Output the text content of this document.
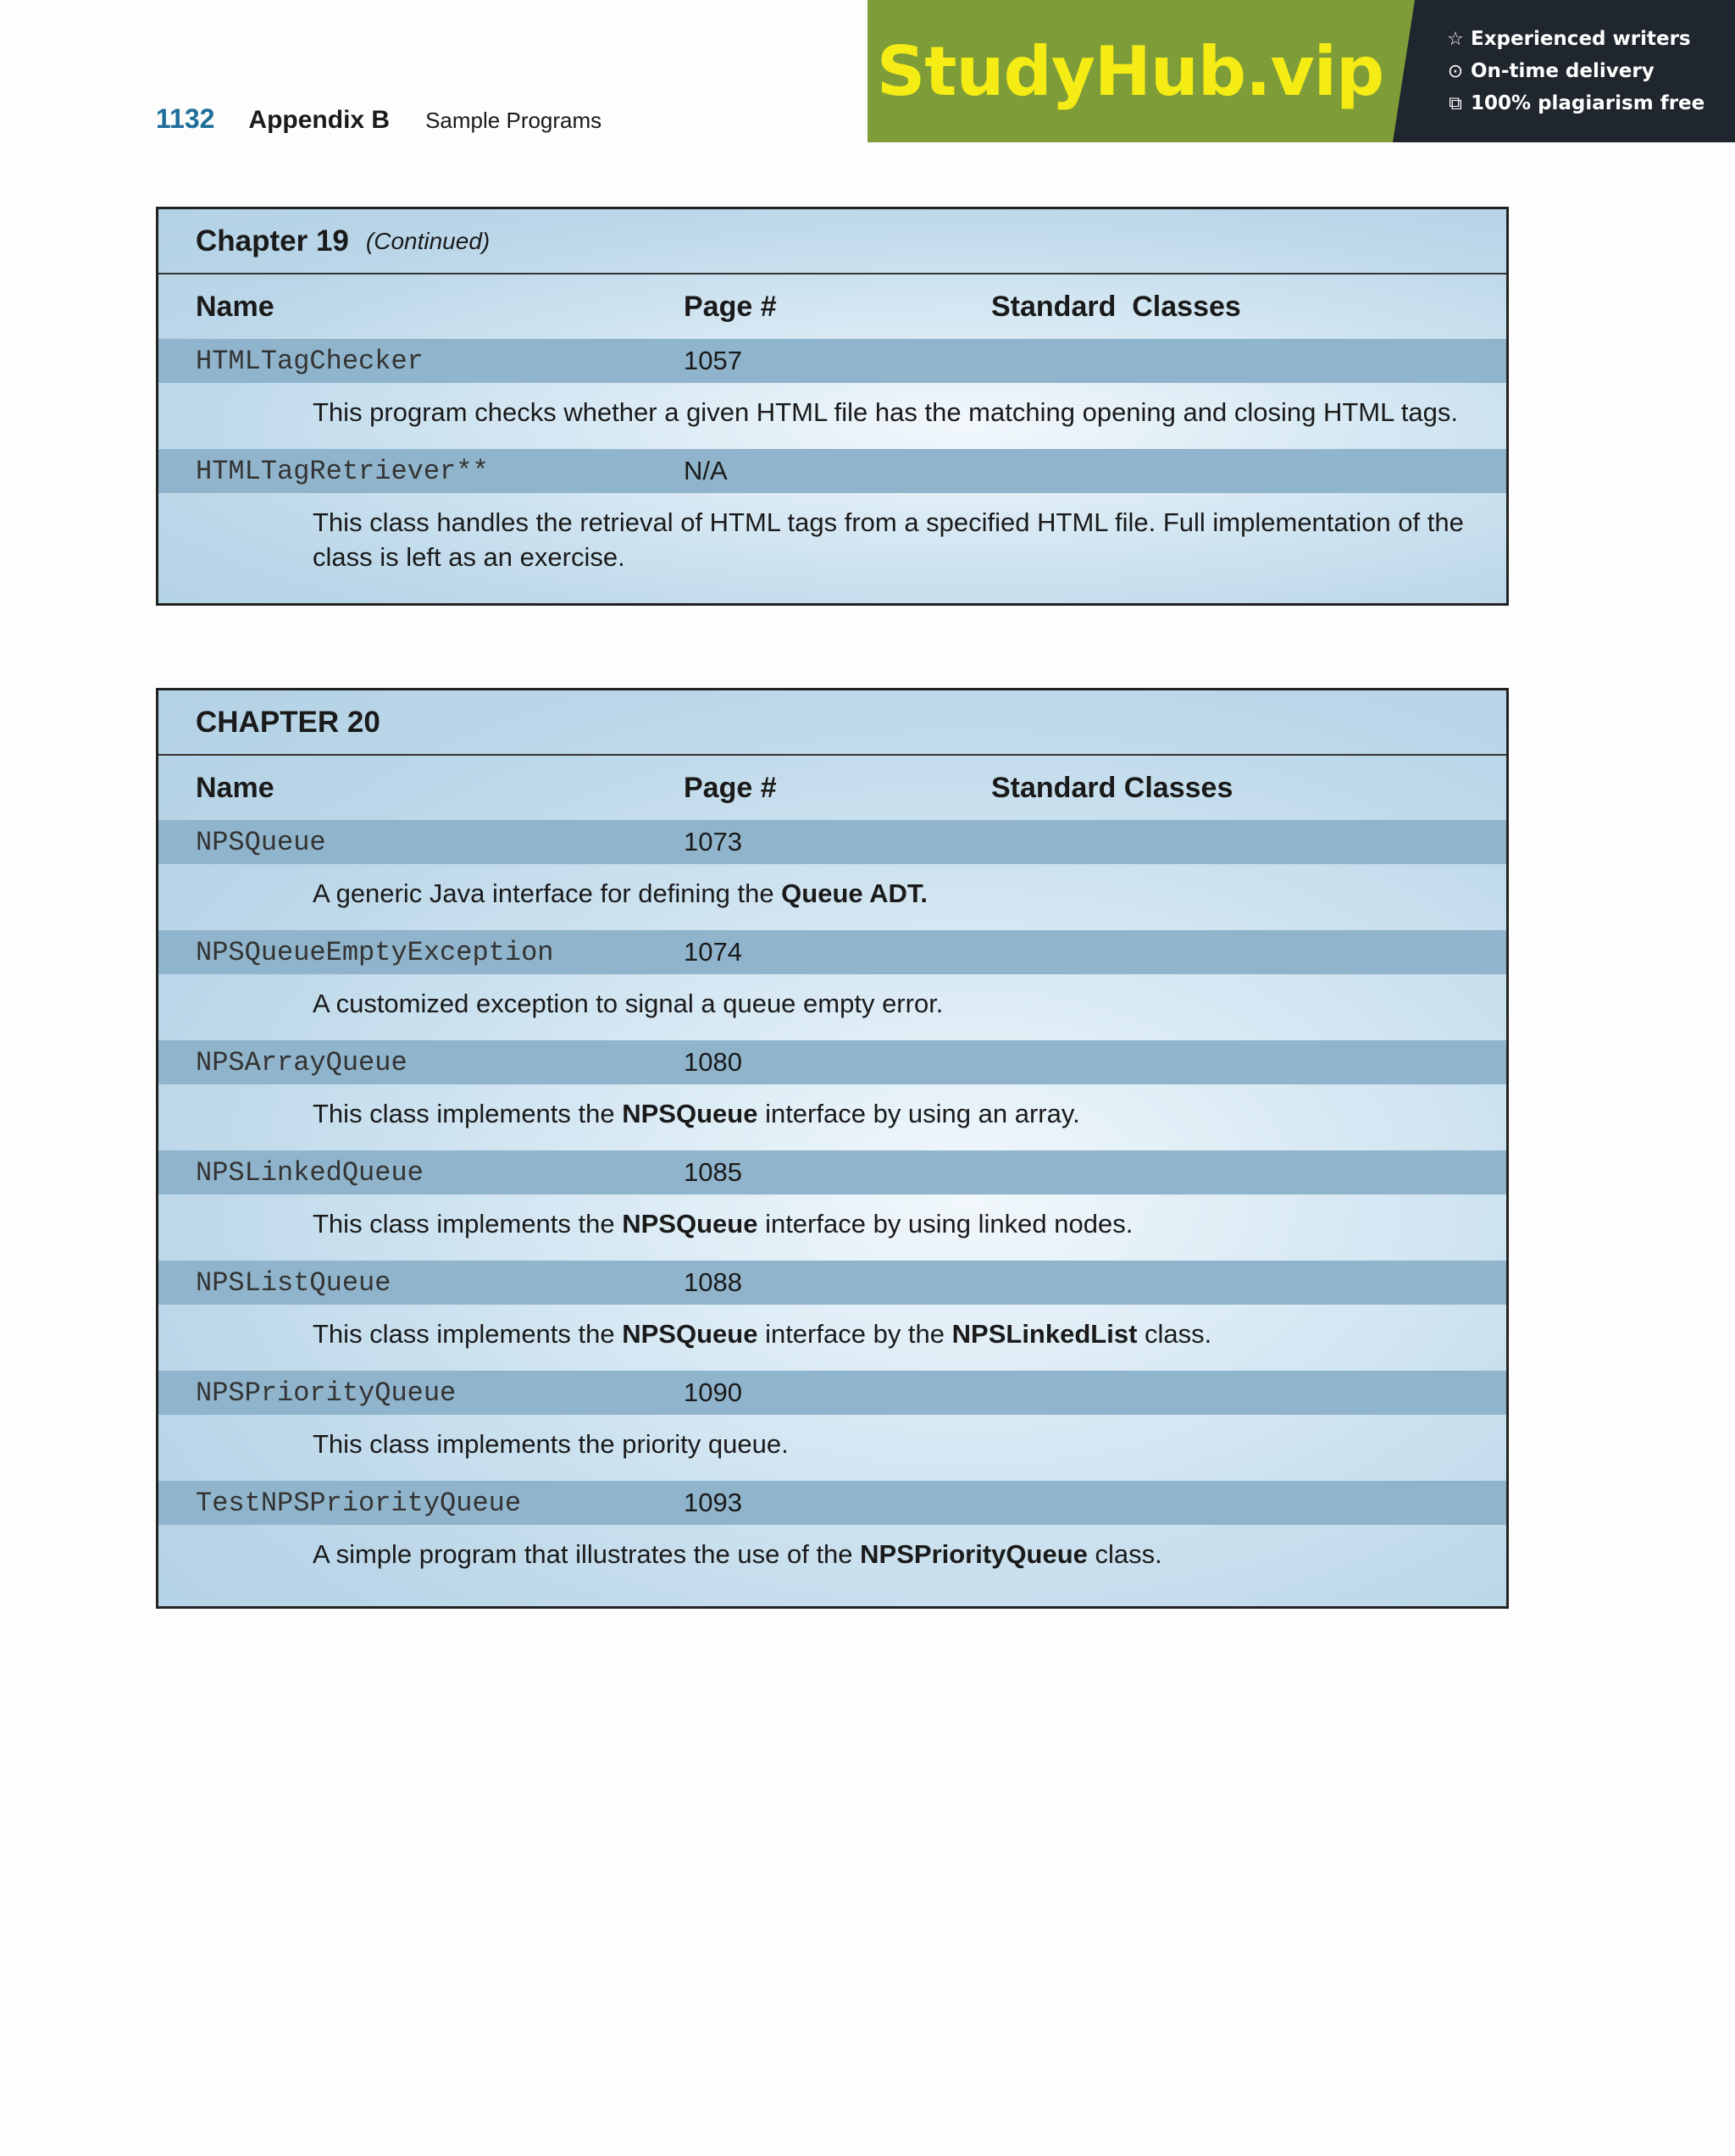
1132 Appendix B Sample Programs
StudyHub.vip	☆ Experienced writers
⊙ On-time delivery
⧉ 100% plagiarism free
Chapter 19 (Continued)
Name	Page #	Standard  Classes
HTMLTagChecker	1057
This program checks whether a given HTML file has the matching opening and closing HTML tags.
HTMLTagRetriever**	N/A
This class handles the retrieval of HTML tags from a specified HTML file. Full implementation of the class is left as an exercise.
CHAPTER 20
Name	Page #	Standard Classes
NPSQueue	1073
A generic Java interface for defining the Queue ADT.
NPSQueueEmptyException	1074
A customized exception to signal a queue empty error.
NPSArrayQueue	1080
This class implements the NPSQueue interface by using an array.
NPSLinkedQueue	1085
This class implements the NPSQueue interface by using linked nodes.
NPSListQueue	1088
This class implements the NPSQueue interface by the NPSLinkedList class.
NPSPriorityQueue	1090
This class implements the priority queue.
TestNPSPriorityQueue	1093
A simple program that illustrates the use of the NPSPriorityQueue class.
